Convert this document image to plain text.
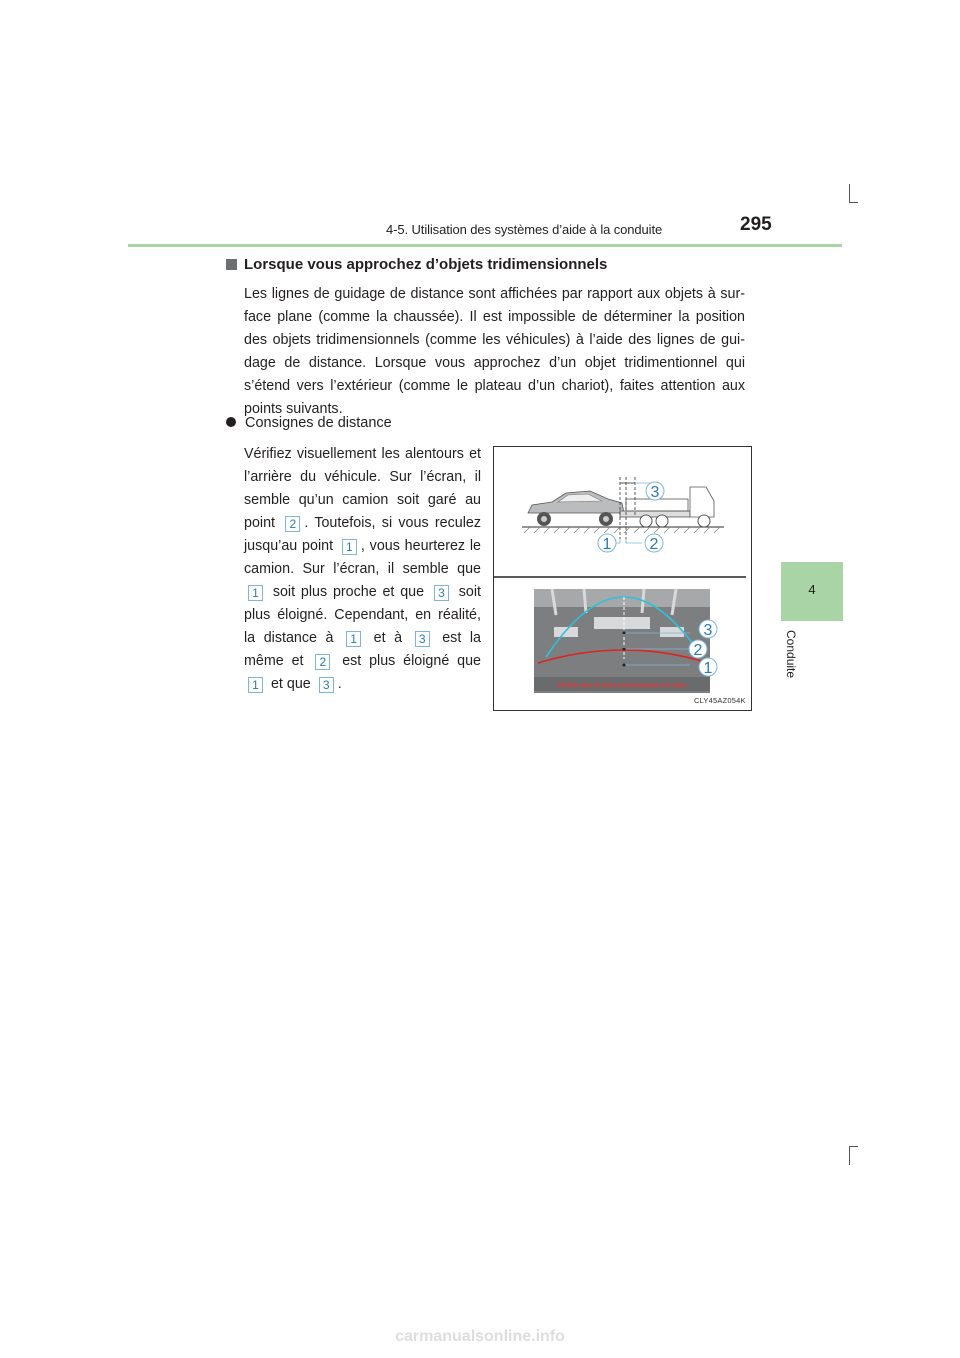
4-5. Utilisation des systèmes d’aide à la conduite	295
4
Conduite
Lorsque vous approchez d’objets tridimensionnels
Les lignes de guidage de distance sont affichées par rapport aux objets à sur-face plane (comme la chaussée). Il est impossible de déterminer la position des objets tridimensionnels (comme les véhicules) à l’aide des lignes de gui-dage de distance. Lorsque vous approchez d’un objet tridimentionnel qui s’étend vers l’extérieur (comme le plateau d’un chariot), faites attention aux points suivants.
Consignes de distance
Vérifiez visuellement les alentours et l’arrière du véhicule. Sur l’écran, il semble qu’un camion soit garé au point 2 . Toutefois, si vous reculez jusqu’au point 1 , vous heurterez le camion. Sur l’écran, il semble que 1 soit plus proche et que 3 soit plus éloigné. Cependant, en réalité, la distance à 1 et à 3 est la même et 2 est plus éloigné que 1 et que 3 .
3
1 2
Vérifier que la zone environnante est sûre.
3
2
1
CLY45AZ054K
carmanualsonline.info
